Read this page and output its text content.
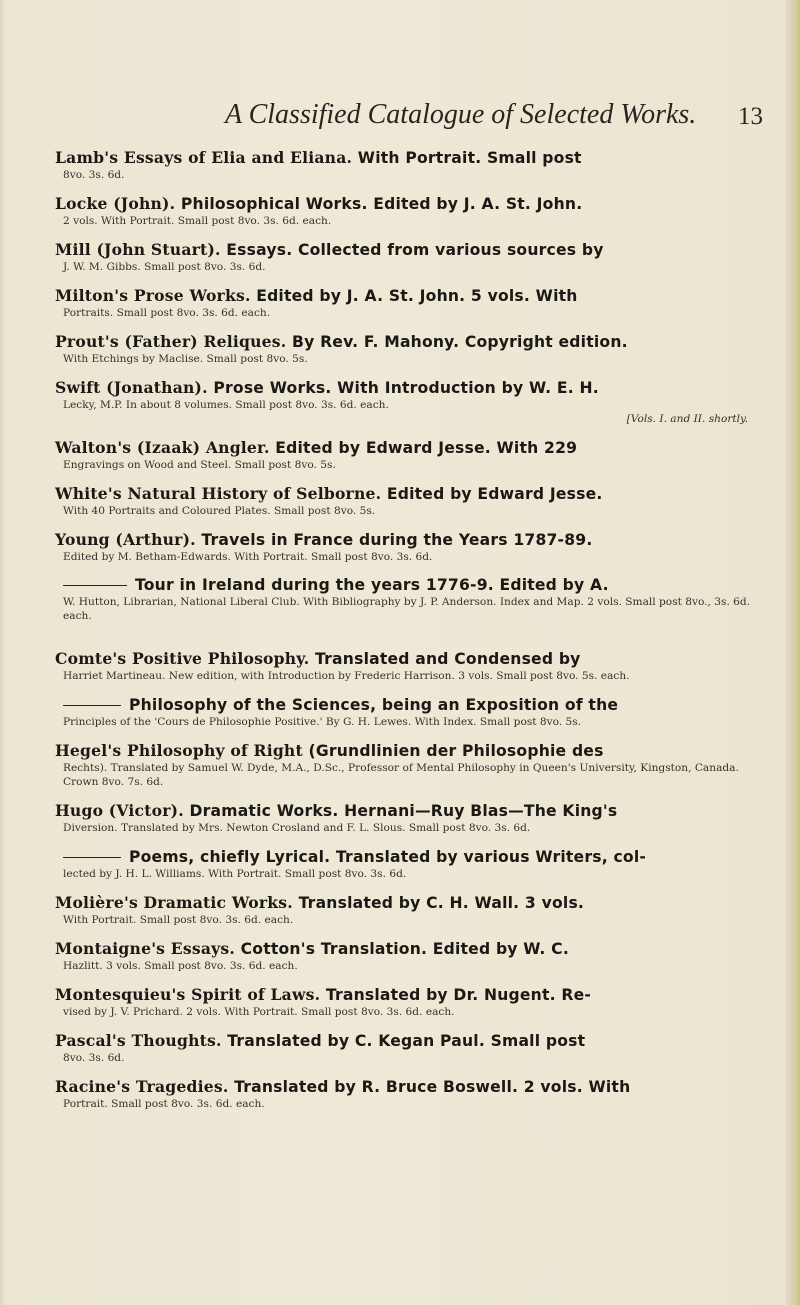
A Classified Catalogue of Selected Works. 13
Lamb's Essays of Elia and Eliana. With Portrait. Small post
8vo. 3s. 6d.
Locke (John). Philosophical Works. Edited by J. A. St. John.
2 vols. With Portrait. Small post 8vo. 3s. 6d. each.
Mill (John Stuart). Essays. Collected from various sources by
J. W. M. Gibbs. Small post 8vo. 3s. 6d.
Milton's Prose Works. Edited by J. A. St. John. 5 vols. With
Portraits. Small post 8vo. 3s. 6d. each.
Prout's (Father) Reliques. By Rev. F. Mahony. Copyright edition.
With Etchings by Maclise. Small post 8vo. 5s.
Swift (Jonathan). Prose Works. With Introduction by W. E. H.
Lecky, M.P. In about 8 volumes. Small post 8vo. 3s. 6d. each.
[Vols. I. and II. shortly.
Walton's (Izaak) Angler. Edited by Edward Jesse. With 229
Engravings on Wood and Steel. Small post 8vo. 5s.
White's Natural History of Selborne. Edited by Edward Jesse.
With 40 Portraits and Coloured Plates. Small post 8vo. 5s.
Young (Arthur). Travels in France during the Years 1787-89.
Edited by M. Betham-Edwards. With Portrait. Small post 8vo. 3s. 6d.
Tour in Ireland during the years 1776-9. Edited by A.
W. Hutton, Librarian, National Liberal Club. With Bibliography by J. P. Anderson. Index and Map. 2 vols. Small post 8vo., 3s. 6d. each.
Comte's Positive Philosophy. Translated and Condensed by
Harriet Martineau. New edition, with Introduction by Frederic Harrison. 3 vols. Small post 8vo. 5s. each.
Philosophy of the Sciences, being an Exposition of the
Principles of the 'Cours de Philosophie Positive.' By G. H. Lewes. With Index. Small post 8vo. 5s.
Hegel's Philosophy of Right (Grundlinien der Philosophie des
Rechts). Translated by Samuel W. Dyde, M.A., D.Sc., Professor of Mental Philosophy in Queen's University, Kingston, Canada. Crown 8vo. 7s. 6d.
Hugo (Victor). Dramatic Works. Hernani—Ruy Blas—The King's
Diversion. Translated by Mrs. Newton Crosland and F. L. Slous. Small post 8vo. 3s. 6d.
Poems, chiefly Lyrical. Translated by various Writers, col-
lected by J. H. L. Williams. With Portrait. Small post 8vo. 3s. 6d.
Molière's Dramatic Works. Translated by C. H. Wall. 3 vols.
With Portrait. Small post 8vo. 3s. 6d. each.
Montaigne's Essays. Cotton's Translation. Edited by W. C.
Hazlitt. 3 vols. Small post 8vo. 3s. 6d. each.
Montesquieu's Spirit of Laws. Translated by Dr. Nugent. Re-
vised by J. V. Prichard. 2 vols. With Portrait. Small post 8vo. 3s. 6d. each.
Pascal's Thoughts. Translated by C. Kegan Paul. Small post
8vo. 3s. 6d.
Racine's Tragedies. Translated by R. Bruce Boswell. 2 vols. With
Portrait. Small post 8vo. 3s. 6d. each.
